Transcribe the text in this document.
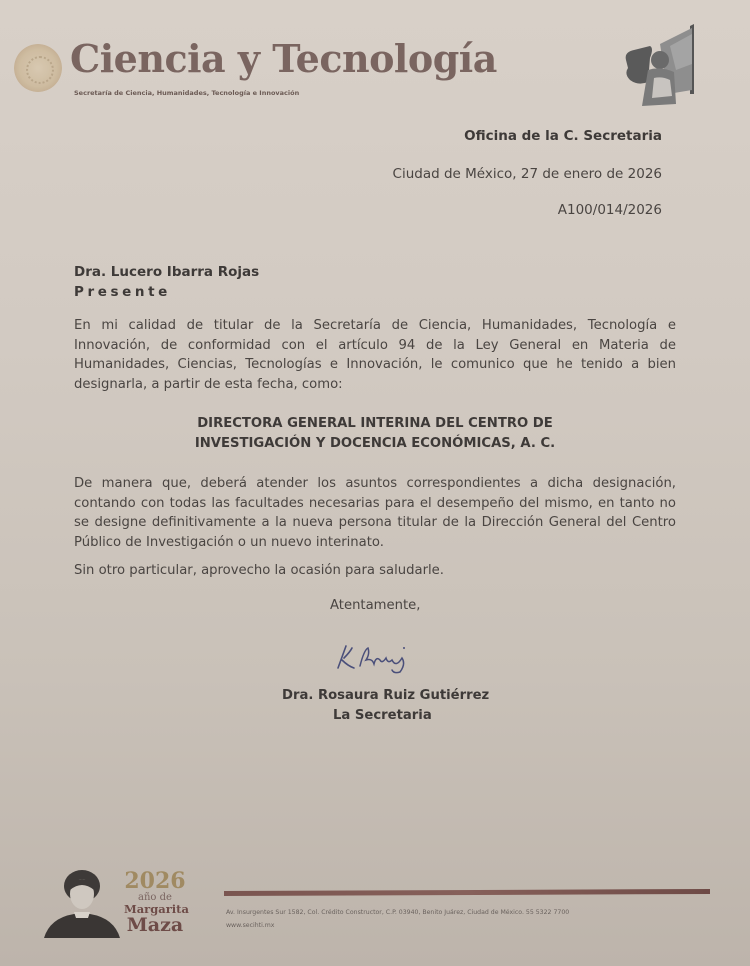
Ciencia y Tecnología
Secretaría de Ciencia, Humanidades, Tecnología e Innovación
Oficina de la C. Secretaria
Ciudad de México, 27 de enero de 2026
A100/014/2026
Dra. Lucero Ibarra Rojas
Presente
En mi calidad de titular de la Secretaría de Ciencia, Humanidades, Tecnología e Innovación, de conformidad con el artículo 94 de la Ley General en Materia de Humanidades, Ciencias, Tecnologías e Innovación, le comunico que he tenido a bien designarla, a partir de esta fecha, como:
DIRECTORA GENERAL INTERINA DEL CENTRO DE
INVESTIGACIÓN Y DOCENCIA ECONÓMICAS, A. C.
De manera que, deberá atender los asuntos correspondientes a dicha designación, contando con todas las facultades necesarias para el desempeño del mismo, en tanto no se designe definitivamente a la nueva persona titular de la Dirección General del Centro Público de Investigación o un nuevo interinato.
Sin otro particular, aprovecho la ocasión para saludarle.
Atentamente,
Dra. Rosaura Ruiz Gutiérrez
La Secretaria
2026
año de
Margarita
Maza
Av. Insurgentes Sur 1582, Col. Crédito Constructor, C.P. 03940, Benito Juárez, Ciudad de México. 55 5322 7700
www.secihti.mx
